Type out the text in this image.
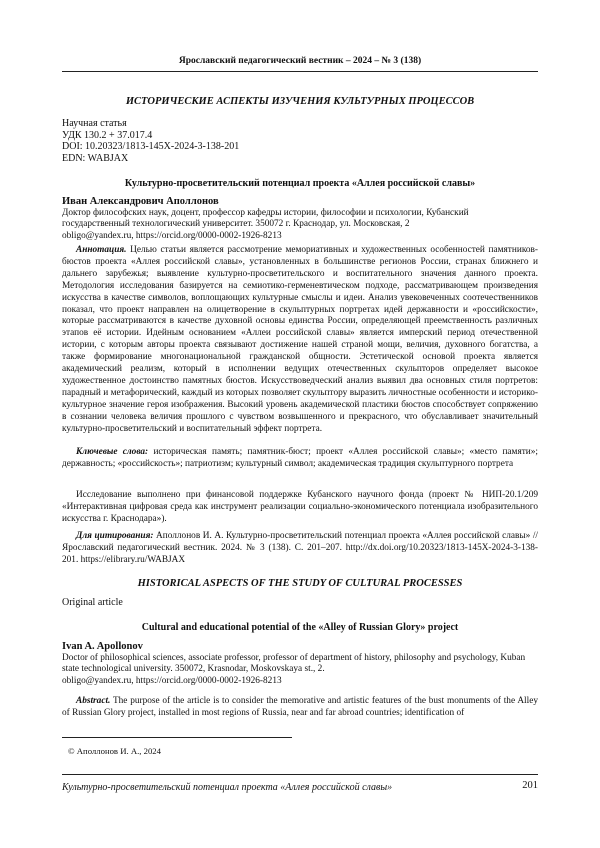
Ярославский педагогический вестник – 2024 – № 3 (138)
ИСТОРИЧЕСКИЕ АСПЕКТЫ ИЗУЧЕНИЯ КУЛЬТУРНЫХ ПРОЦЕССОВ
Научная статья
УДК 130.2 + 37.017.4
DOI: 10.20323/1813-145X-2024-3-138-201
EDN: WABJAX
Культурно-просветительский потенциал проекта «Аллея российской славы»
Иван Александрович Аполлонов
Доктор философских наук, доцент, профессор кафедры истории, философии и психологии, Кубанский государственный технологический университет. 350072 г. Краснодар, ул. Московская, 2
obligo@yandex.ru, https://orcid.org/0000-0002-1926-8213
Аннотация. Целью статьи является рассмотрение мемориативных и художественных особенностей памятников-бюстов проекта «Аллея российской славы», установленных в большинстве регионов России, странах ближнего и дальнего зарубежья; выявление культурно-просветительского и воспитательного значения данного проекта. Методология исследования базируется на семиотико-герменевтическом подходе, рассматривающем произведения искусства в качестве символов, воплощающих культурные смыслы и идеи. Анализ увековеченных соотечественников показал, что проект направлен на олицетворение в скульптурных портретах идей державности и «российскости», которые рассматриваются в качестве духовной основы единства России, определяющей преемственность различных этапов её истории. Идейным основанием «Аллеи российской славы» является имперский период отечественной истории, с которым авторы проекта связывают достижение нашей страной мощи, величия, духовного богатства, а также формирование многонациональной гражданской общности. Эстетической основой проекта является академический реализм, который в исполнении ведущих отечественных скульпторов определяет высокое художественное достоинство памятных бюстов. Искусствоведческий анализ выявил два основных стиля портретов: парадный и метафорический, каждый из которых позволяет скульптору выразить личностные особенности и историко-культурное значение героя изображения. Высокий уровень академической пластики бюстов способствует сопряжению в сознании человека величия прошлого с чувством возвышенного и прекрасного, что обуславливает значительный культурно-просветительский и воспитательный эффект портрета.
Ключевые слова: историческая память; памятник-бюст; проект «Аллея российской славы»; «место памяти»; державность; «российскость»; патриотизм; культурный символ; академическая традиция скульптурного портрета
Исследование выполнено при финансовой поддержке Кубанского научного фонда (проект № НИП-20.1/209 «Интерактивная цифровая среда как инструмент реализации социально-экономического потенциала изобразительного искусства г. Краснодара»).
Для цитирования: Аполлонов И. А. Культурно-просветительский потенциал проекта «Аллея российской славы» // Ярославский педагогический вестник. 2024. № 3 (138). С. 201–207. http://dx.doi.org/10.20323/1813-145X-2024-3-138-201. https://elibrary.ru/WABJAX
HISTORICAL ASPECTS OF THE STUDY OF CULTURAL PROCESSES
Original article
Cultural and educational potential of the «Alley of Russian Glory» project
Ivan A. Apollonov
Doctor of philosophical sciences, associate professor, professor of department of history, philosophy and psychology, Kuban state technological university. 350072, Krasnodar, Moskovskaya st., 2.
obligo@yandex.ru, https://orcid.org/0000-0002-1926-8213
Abstract. The purpose of the article is to consider the memorative and artistic features of the bust monuments of the Alley of Russian Glory project, installed in most regions of Russia, near and far abroad countries; identification of
© Аполлонов И. А., 2024
Культурно-просветительский потенциал проекта «Аллея российской славы»	201
